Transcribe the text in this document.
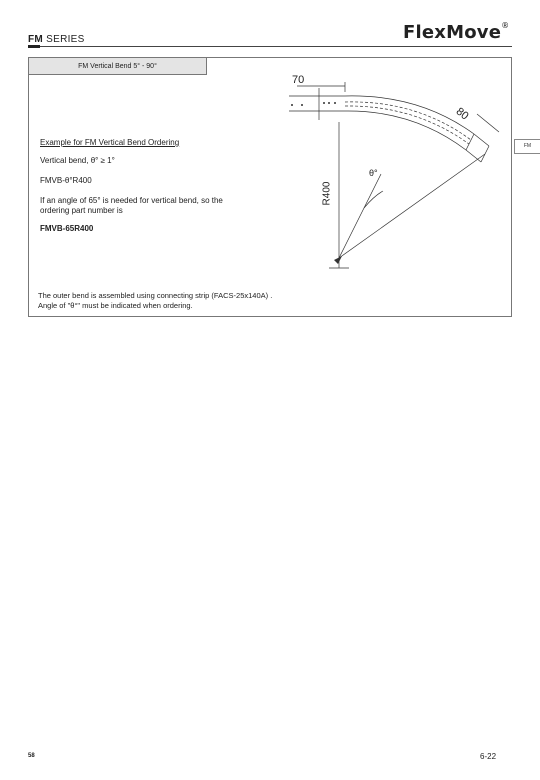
FM SERIES	FlexMove®
FM Vertical Bend 5° - 90°
70
80
R400
θ°
Example for FM Vertical Bend Ordering
Vertical bend, θ° ≥ 1°
FMVB-θ°R400
If an angle of 65° is needed for vertical bend, so the
ordering part number is
FMVB-65R400
The outer bend is assembled using connecting strip (FACS-25x140A) .
Angle of "θ°" must be indicated when ordering.
FM
58	6-22
